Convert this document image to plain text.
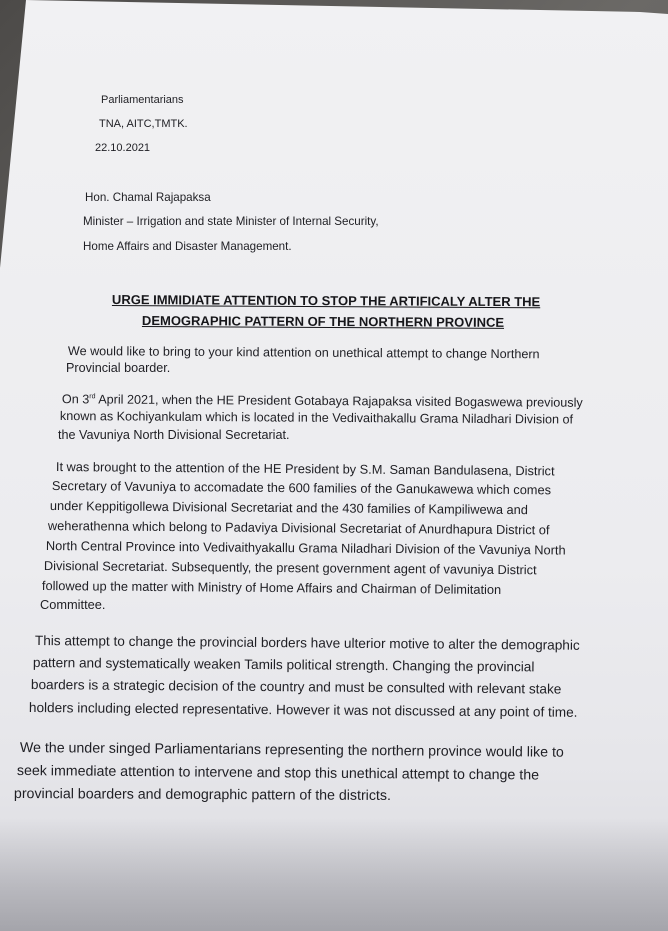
Parliamentarians
TNA, AITC,TMTK.
22.10.2021
Hon. Chamal Rajapaksa
Minister – Irrigation and state Minister of Internal Security,
Home Affairs and Disaster Management.
URGE IMMIDIATE ATTENTION TO STOP THE ARTIFICALY ALTER THE
DEMOGRAPHIC PATTERN OF THE NORTHERN PROVINCE
We would like to bring to your kind attention on unethical attempt to change Northern
Provincial boarder.
On 3rd April 2021, when the HE President Gotabaya Rajapaksa visited Bogaswewa previously
known as Kochiyankulam which is located in the Vedivaithakallu Grama Niladhari Division of
the Vavuniya North Divisional Secretariat.
It was brought to the attention of the HE President by S.M. Saman Bandulasena, District
Secretary of Vavuniya to accomadate the 600 families of the Ganukawewa which comes
under Keppitigollewa Divisional Secretariat and the 430 families of Kampiliwewa and
weherathenna which belong to Padaviya Divisional Secretariat of Anurdhapura District of
North Central Province into Vedivaithyakallu Grama Niladhari Division of the Vavuniya North
Divisional Secretariat. Subsequently, the present government agent of vavuniya District
followed up the matter with Ministry of Home Affairs and Chairman of Delimitation
Committee.
This attempt to change the provincial borders have ulterior motive to alter the demographic
pattern and systematically weaken Tamils political strength. Changing the provincial
boarders is a strategic decision of the country and must be consulted with relevant stake
holders including elected representative. However it was not discussed at any point of time.
We the under singed Parliamentarians representing the northern province would like to
seek immediate attention to intervene and stop this unethical attempt to change the
provincial boarders and demographic pattern of the districts.
